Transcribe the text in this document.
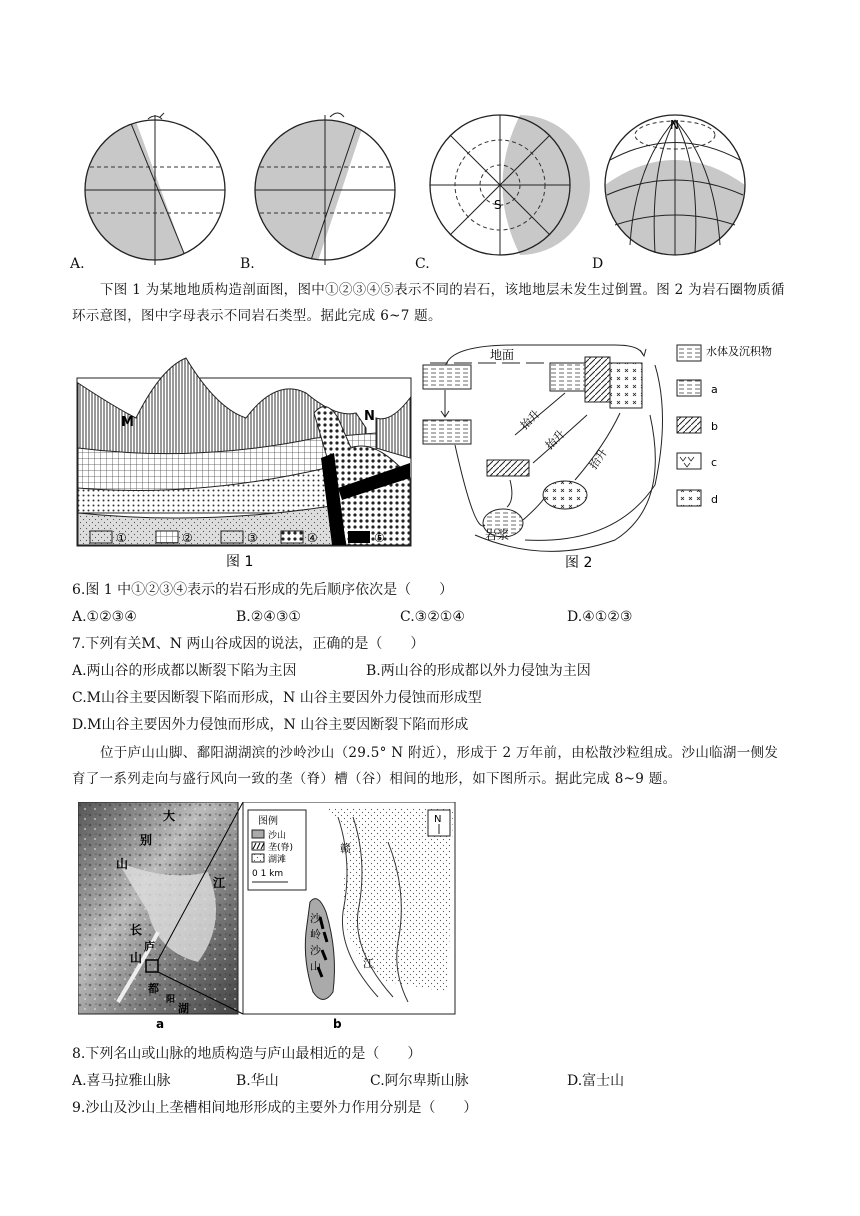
S
N
A.	B.	C.	D
下图 1 为某地地质构造剖面图，图中①②③④⑤表示不同的岩石，该地地层未发生过倒置。图 2 为岩石圈物质循环示意图，图中字母表示不同岩石类型。据此完成 6~7 题。
M	N
①	②	③	④	⑤
图 1
地面
岩浆
抬升
抬升
抬升
水体及沉积物
a
b
c
d
图 2
6.图 1 中①②③④表示的岩石形成的先后顺序依次是（　　）
A.①②③④	B.②④③①	C.③②①④	D.④①②③
7.下列有关M、N 两山谷成因的说法，正确的是（　　）
A.两山谷的形成都以断裂下陷为主因	B.两山谷的形成都以外力侵蚀为主因
C.M山谷主要因断裂下陷而形成，N 山谷主要因外力侵蚀而形成型
D.M山谷主要因外力侵蚀而形成，N 山谷主要因断裂下陷而形成
位于庐山山脚、鄱阳湖湖滨的沙岭沙山（29.5° N 附近），形成于 2 万年前，由松散沙粒组成。沙山临湖一侧发育了一系列走向与盛行风向一致的垄（脊）槽（谷）相间的地形，如下图所示。据此完成 8~9 题。
大
别
山
江
长
庐
山
都
阳
湖
a
图例
沙山
垄(脊)
湖滩
0 1 km
N
赣
沙
岭
沙
山	江
b
8.下列名山或山脉的地质构造与庐山最相近的是（　　）
A.喜马拉雅山脉	B.华山	C.阿尔卑斯山脉	D.富士山
9.沙山及沙山上垄槽相间地形形成的主要外力作用分别是（　　）
